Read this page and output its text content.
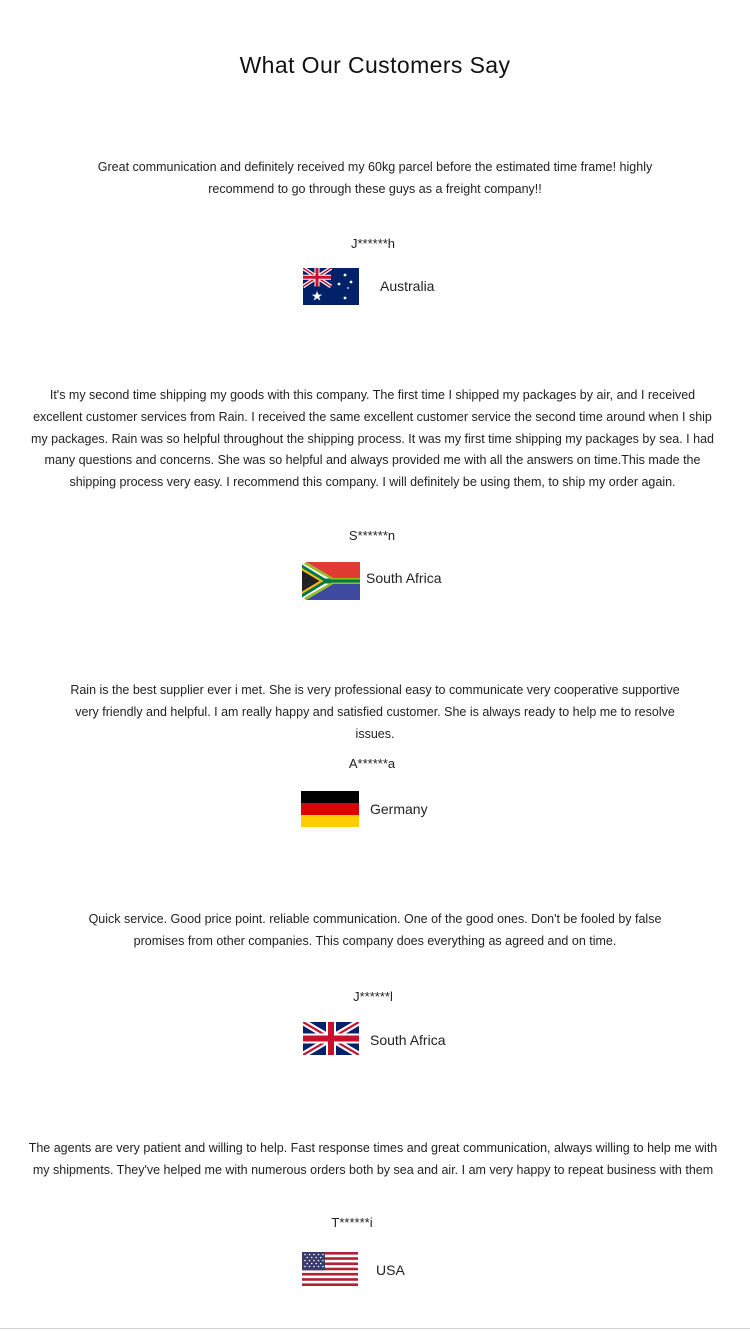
What Our Customers Say

Great communication and definitely received my 60kg parcel before the estimated time frame! highly recommend to go through these guys as a freight company!!

J******h
Australia

It's my second time shipping my goods with this company. The first time I shipped my packages by air, and I received excellent customer services from Rain. I received the same excellent customer service the second time around when I ship my packages. Rain was so helpful throughout the shipping process. It was my first time shipping my packages by sea. I had many questions and concerns. She was so helpful and always provided me with all the answers on time.This made the shipping process very easy. I recommend this company. I will definitely be using them, to ship my order again.

S******n
South Africa

Rain is the best supplier ever i met. She is very professional easy to communicate very cooperative supportive very friendly and helpful. I am really happy and satisfied customer. She is always ready to help me to resolve issues.

A******a
Germany

Quick service. Good price point. reliable communication. One of the good ones. Don't be fooled by false promises from other companies. This company does everything as agreed and on time.

J******l
South Africa

The agents are very patient and willing to help. Fast response times and great communication, always willing to help me with my shipments. They've helped me with numerous orders both by sea and air. I am very happy to repeat business with them

T******i
USA
